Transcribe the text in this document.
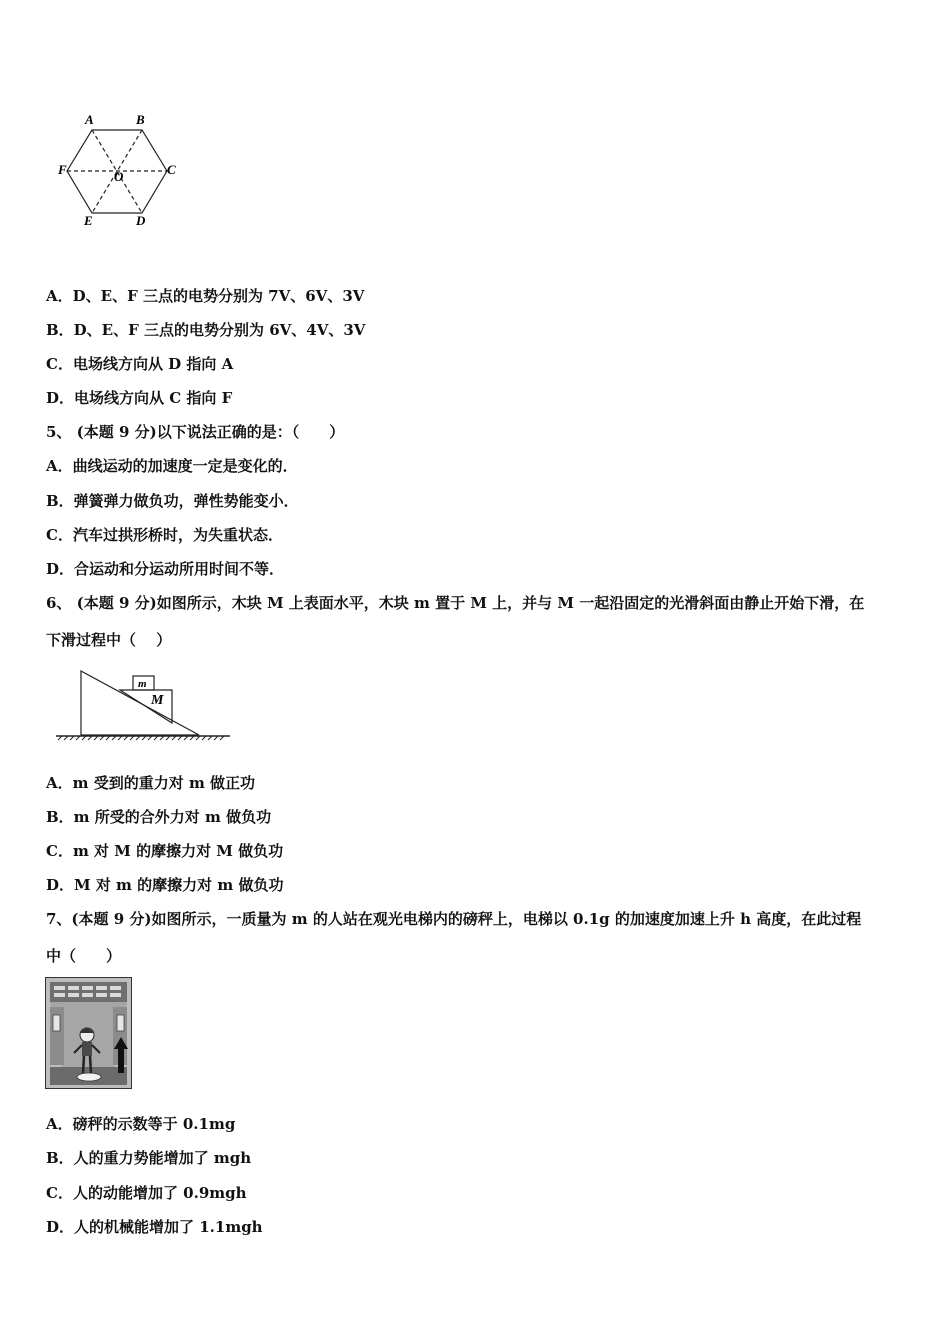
A	B
C
D
E
F	O
A．D、E、F 三点的电势分别为 7V、6V、3V
B．D、E、F 三点的电势分别为 6V、4V、3V
C．电场线方向从 D 指向 A
D．电场线方向从 C 指向 F
5、 (本题 9 分)以下说法正确的是：（　　）
A．曲线运动的加速度一定是变化的．
B．弹簧弹力做负功，弹性势能变小．
C．汽车过拱形桥时，为失重状态．
D．合运动和分运动所用时间不等．
6、 (本题 9 分)如图所示，木块 M 上表面水平，木块 m 置于 M 上，并与 M 一起沿固定的光滑斜面由静止开始下滑，在
下滑过程中（　 ）
m
M
A．m 受到的重力对 m 做正功
B．m 所受的合外力对 m 做负功
C．m 对 M 的摩擦力对 M 做负功
D．M 对 m 的摩擦力对 m 做负功
7、(本题 9 分)如图所示，一质量为 m 的人站在观光电梯内的磅秤上，电梯以 0.1g 的加速度加速上升 h 高度，在此过程
中（　　）
A．磅秤的示数等于 0.1mg
B．人的重力势能增加了 mgh
C．人的动能增加了 0.9mgh
D．人的机械能增加了 1.1mgh
